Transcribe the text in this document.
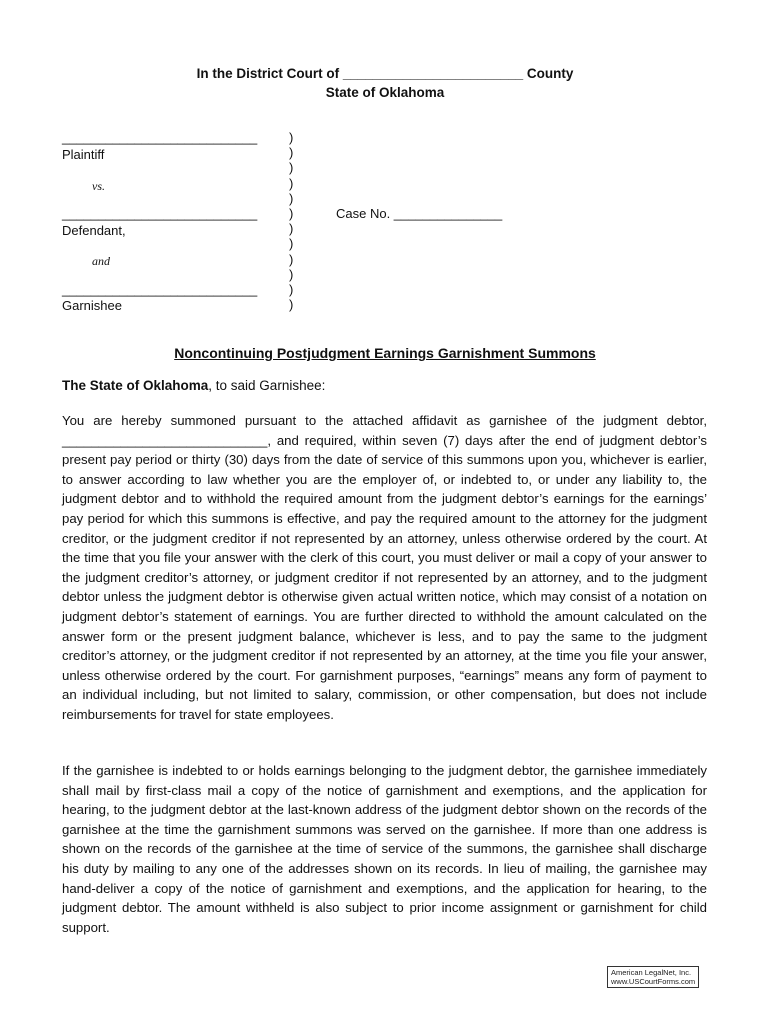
In the District Court of ________________________ County
State of Oklahoma
___________________________
Plaintiff
vs.
___________________________
Defendant,
and
___________________________
Garnishee
)
)
)
)
)
)
)
)
)
)
)
)
Case No. _______________
Noncontinuing Postjudgment Earnings Garnishment Summons
The State of Oklahoma, to said Garnishee:
You are hereby summoned pursuant to the attached affidavit as garnishee of the judgment debtor, ____________________________, and required, within seven (7) days after the end of judgment debtor’s present pay period or thirty (30) days from the date of service of this summons upon you, whichever is earlier, to answer according to law whether you are the employer of, or indebted to, or under any liability to, the judgment debtor and to withhold the required amount from the judgment debtor’s earnings for the earnings’ pay period for which this summons is effective, and pay the required amount to the attorney for the judgment creditor, or the judgment creditor if not represented by an attorney, unless otherwise ordered by the court. At the time that you file your answer with the clerk of this court, you must deliver or mail a copy of your answer to the judgment creditor’s attorney, or judgment creditor if not represented by an attorney, and to the judgment debtor unless the judgment debtor is otherwise given actual written notice, which may consist of a notation on judgment debtor’s statement of earnings. You are further directed to withhold the amount calculated on the answer form or the present judgment balance, whichever is less, and to pay the same to the judgment creditor’s attorney, or the judgment creditor if not represented by an attorney, at the time you file your answer, unless otherwise ordered by the court. For garnishment purposes, “earnings” means any form of payment to an individual including, but not limited to salary, commission, or other compensation, but does not include reimbursements for travel for state employees.
If the garnishee is indebted to or holds earnings belonging to the judgment debtor, the garnishee immediately shall mail by first-class mail a copy of the notice of garnishment and exemptions, and the application for hearing, to the judgment debtor at the last-known address of the judgment debtor shown on the records of the garnishee at the time the garnishment summons was served on the garnishee. If more than one address is shown on the records of the garnishee at the time of service of the summons, the garnishee shall discharge his duty by mailing to any one of the addresses shown on its records. In lieu of mailing, the garnishee may hand-deliver a copy of the notice of garnishment and exemptions, and the application for hearing, to the judgment debtor. The amount withheld is also subject to prior income assignment or garnishment for child support.
American LegalNet, Inc.
www.USCourtForms.com
